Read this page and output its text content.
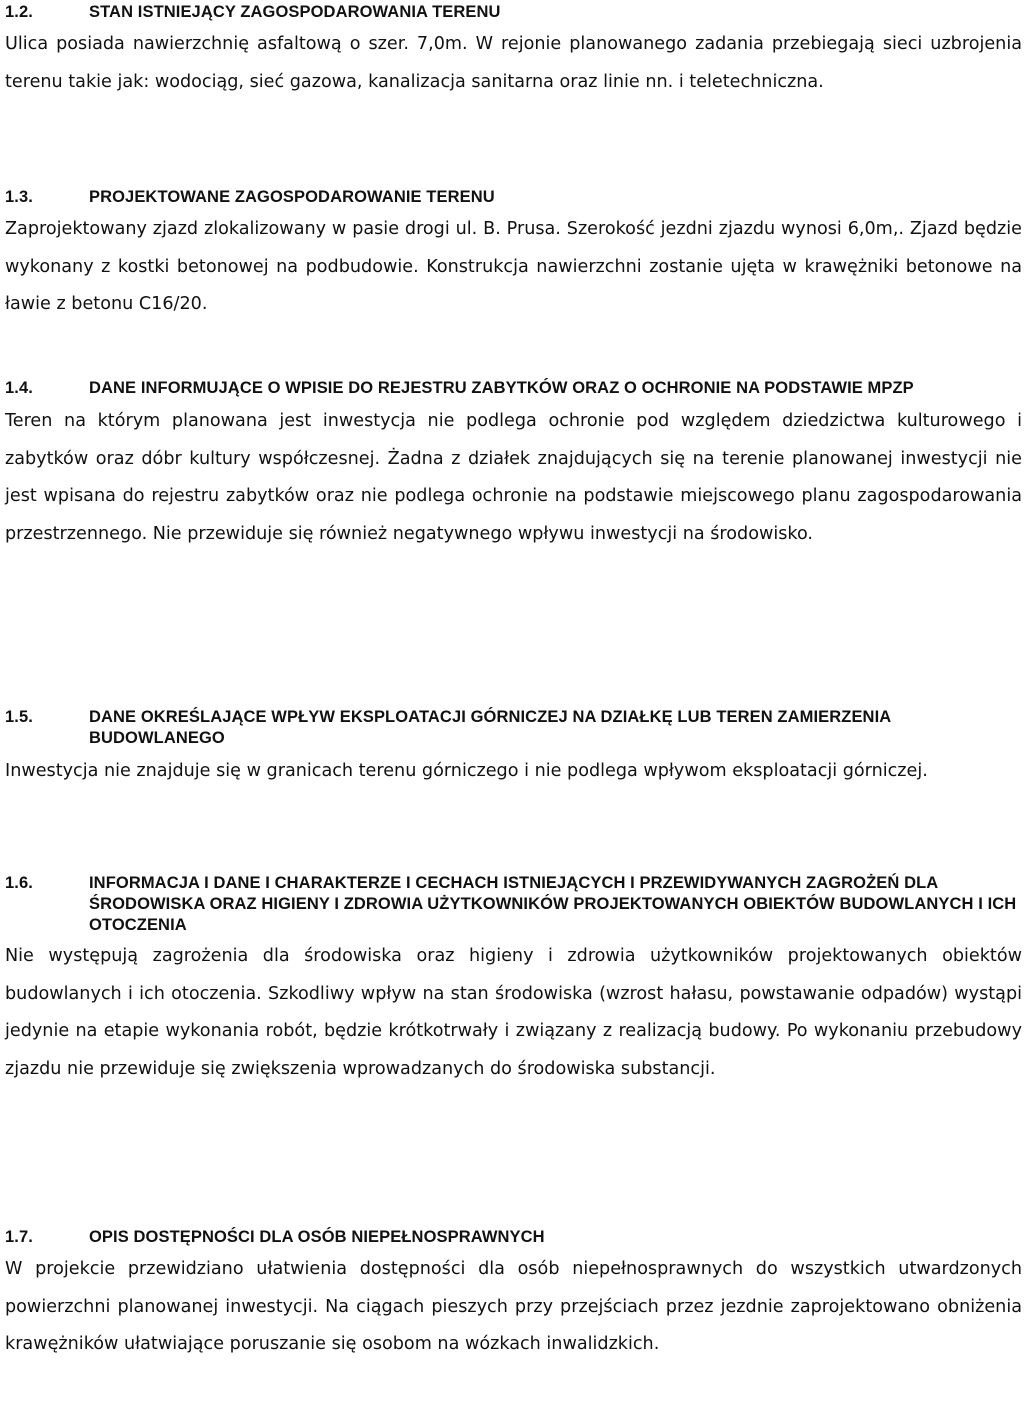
1.2.	STAN ISTNIEJĄCY ZAGOSPODAROWANIA TERENU
Ulica posiada nawierzchnię asfaltową o szer. 7,0m. W rejonie planowanego zadania przebiegają sieci uzbrojenia terenu takie jak: wodociąg, sieć gazowa, kanalizacja sanitarna oraz linie nn. i teletechniczna.
1.3.	PROJEKTOWANE ZAGOSPODAROWANIE TERENU
Zaprojektowany zjazd zlokalizowany w pasie drogi ul. B. Prusa. Szerokość jezdni zjazdu wynosi 6,0m,. Zjazd będzie wykonany z kostki betonowej na podbudowie. Konstrukcja nawierzchni zostanie ujęta w krawężniki betonowe na ławie z betonu C16/20.
1.4.	DANE INFORMUJĄCE O WPISIE DO REJESTRU ZABYTKÓW ORAZ O OCHRONIE NA PODSTAWIE MPZP
Teren na którym planowana jest inwestycja nie podlega ochronie pod względem dziedzictwa kulturowego i zabytków oraz dóbr kultury współczesnej. Żadna z działek znajdujących się na terenie planowanej inwestycji nie jest wpisana do rejestru zabytków oraz nie podlega ochronie na podstawie miejscowego planu zagospodarowania przestrzennego. Nie przewiduje się również negatywnego wpływu inwestycji na środowisko.
1.5.	DANE OKREŚLAJĄCE WPŁYW EKSPLOATACJI GÓRNICZEJ NA DZIAŁKĘ LUB TEREN ZAMIERZENIA BUDOWLANEGO
Inwestycja nie znajduje się w granicach terenu górniczego i nie podlega wpływom eksploatacji górniczej.
1.6.	INFORMACJA I DANE I CHARAKTERZE I CECHACH ISTNIEJĄCYCH I PRZEWIDYWANYCH ZAGROŻEŃ DLA ŚRODOWISKA ORAZ HIGIENY I ZDROWIA UŻYTKOWNIKÓW PROJEKTOWANYCH OBIEKTÓW BUDOWLANYCH I ICH OTOCZENIA
Nie występują zagrożenia dla środowiska oraz higieny i zdrowia użytkowników projektowanych obiektów budowlanych i ich otoczenia. Szkodliwy wpływ na stan środowiska (wzrost hałasu, powstawanie odpadów) wystąpi jedynie na etapie wykonania robót, będzie krótkotrwały i związany z realizacją budowy. Po wykonaniu przebudowy zjazdu nie przewiduje się zwiększenia wprowadzanych do środowiska substancji.
1.7.	OPIS DOSTĘPNOŚCI DLA OSÓB NIEPEŁNOSPRAWNYCH
W projekcie przewidziano ułatwienia dostępności dla osób niepełnosprawnych do wszystkich utwardzonych powierzchni planowanej inwestycji. Na ciągach pieszych przy przejściach przez jezdnie zaprojektowano obniżenia krawężników ułatwiające poruszanie się osobom na wózkach inwalidzkich.
